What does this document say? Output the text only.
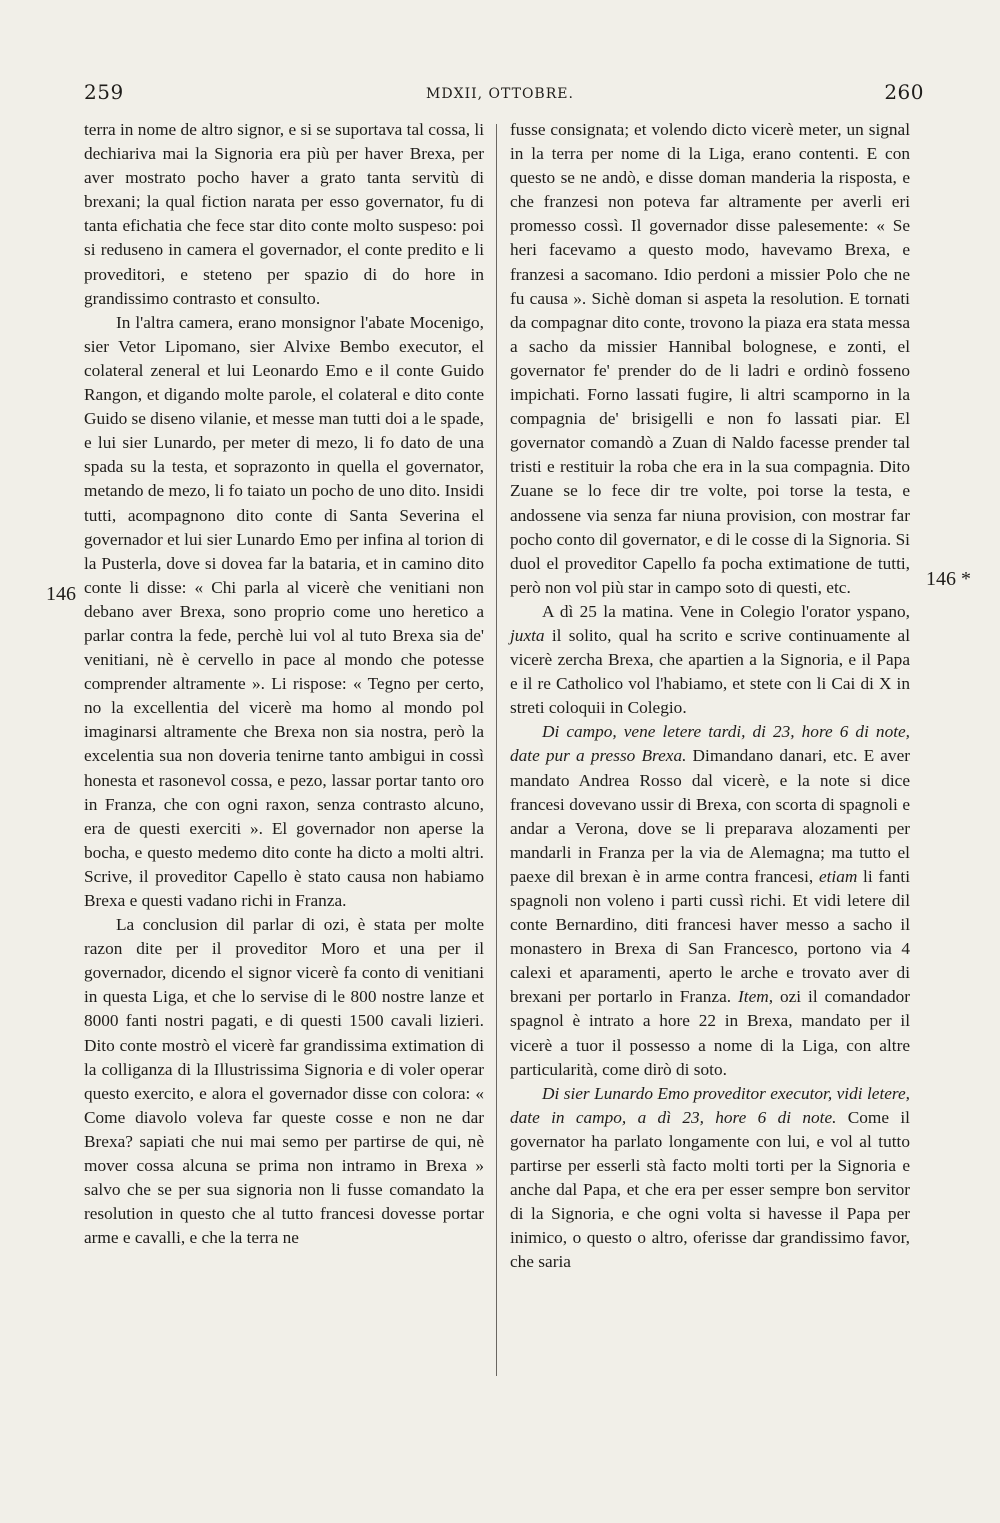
259	MDXII, OTTOBRE.	260
146
146 *

terra in nome de altro signor, e si se suportava tal cossa, li dechiariva mai la Signoria era più per haver Brexa, per aver mostrato pocho haver a grato tanta servitù di brexani; la qual fiction narata per esso governator, fu di tanta efichatia che fece star dito conte molto suspeso: poi si reduseno in camera el governador, el conte predito e li proveditori, e steteno per spazio di do hore in grandissimo contrasto et consulto.

In l'altra camera, erano monsignor l'abate Mocenigo, sier Vetor Lipomano, sier Alvixe Bembo executor, el colateral zeneral et lui Leonardo Emo e il conte Guido Rangon, et digando molte parole, el colateral e dito conte Guido se diseno vilanie, et messe man tutti doi a le spade, e lui sier Lunardo, per meter di mezo, li fo dato de una spada su la testa, et soprazonto in quella el governator, metando de mezo, li fo taiato un pocho de uno dito. Insidi tutti, acompagnono dito conte di Santa Severina el governador et lui sier Lunardo Emo per infina al torion di la Pusterla, dove si dovea far la bataria, et in camino dito conte li disse: « Chi parla al vicerè che venitiani non debano aver Brexa, sono proprio come uno heretico a parlar contra la fede, perchè lui vol al tuto Brexa sia de' venitiani, nè è cervello in pace al mondo che potesse comprender altramente ». Li rispose: « Tegno per certo, no la excellentia del vicerè ma homo al mondo pol imaginarsi altramente che Brexa non sia nostra, però la excelentia sua non doveria tenirne tanto ambigui in cossì honesta et rasonevol cossa, e pezo, lassar portar tanto oro in Franza, che con ogni raxon, senza contrasto alcuno, era de questi exerciti ». El governador non aperse la bocha, e questo medemo dito conte ha dicto a molti altri. Scrive, il proveditor Capello è stato causa non habiamo Brexa e questi vadano richi in Franza.

La conclusion dil parlar di ozi, è stata per molte razon dite per il proveditor Moro et una per il governador, dicendo el signor vicerè fa conto di venitiani in questa Liga, et che lo servise di le 800 nostre lanze et 8000 fanti nostri pagati, e di questi 1500 cavali lizieri. Dito conte mostrò el vicerè far grandissima extimation di la colliganza di la Illustrissima Signoria e di voler operar questo exercito, e alora el governador disse con colora: « Come diavolo voleva far queste cosse e non ne dar Brexa? sapiati che nui mai semo per partirse de qui, nè mover cossa alcuna se prima non intramo in Brexa » salvo che se per sua signoria non li fusse comandato la resolution in questo che al tutto francesi dovesse portar arme e cavalli, e che la terra ne

fusse consignata; et volendo dicto vicerè meter, un signal in la terra per nome di la Liga, erano contenti. E con questo se ne andò, e disse doman manderia la risposta, e che franzesi non poteva far altramente per averli eri promesso cossì. Il governador disse palesemente: « Se heri facevamo a questo modo, havevamo Brexa, e franzesi a sacomano. Idio perdoni a missier Polo che ne fu causa ». Sichè doman si aspeta la resolution. E tornati da compagnar dito conte, trovono la piaza era stata messa a sacho da missier Hannibal bolognese, e zonti, el governator fe' prender do de li ladri e ordinò fosseno impichati. Forno lassati fugire, li altri scamporno in la compagnia de' brisigelli e non fo lassati piar. El governator comandò a Zuan di Naldo facesse prender tal tristi e restituir la roba che era in la sua compagnia. Dito Zuane se lo fece dir tre volte, poi torse la testa, e andossene via senza far niuna provision, con mostrar far pocho conto dil governator, e di le cosse di la Signoria. Si duol el proveditor Capello fa pocha extimatione de tutti, però non vol più star in campo soto di questi, etc.

A dì 25 la matina. Vene in Colegio l'orator yspano, juxta il solito, qual ha scrito e scrive continuamente al vicerè zercha Brexa, che apartien a la Signoria, e il Papa e il re Catholico vol l'habiamo, et stete con li Cai di X in streti coloquii in Colegio.

Di campo, vene letere tardi, di 23, hore 6 di note, date pur a presso Brexa. Dimandano danari, etc. E aver mandato Andrea Rosso dal vicerè, e la note si dice francesi dovevano ussir di Brexa, con scorta di spagnoli e andar a Verona, dove se li preparava alozamenti per mandarli in Franza per la via de Alemagna; ma tutto el paexe dil brexan è in arme contra francesi, etiam li fanti spagnoli non voleno i parti cussì richi. Et vidi letere dil conte Bernardino, diti francesi haver messo a sacho il monastero in Brexa di San Francesco, portono via 4 calexi et aparamenti, aperto le arche e trovato aver di brexani per portarlo in Franza. Item, ozi il comandador spagnol è intrato a hore 22 in Brexa, mandato per il vicerè a tuor il possesso a nome di la Liga, con altre particularità, come dirò di soto.

Di sier Lunardo Emo proveditor executor, vidi letere, date in campo, a dì 23, hore 6 di note. Come il governator ha parlato longamente con lui, e vol al tutto partirse per esserli stà facto molti torti per la Signoria e anche dal Papa, et che era per esser sempre bon servitor di la Signoria, e che ogni volta si havesse il Papa per inimico, o questo o altro, oferisse dar grandissimo favor, che saria
